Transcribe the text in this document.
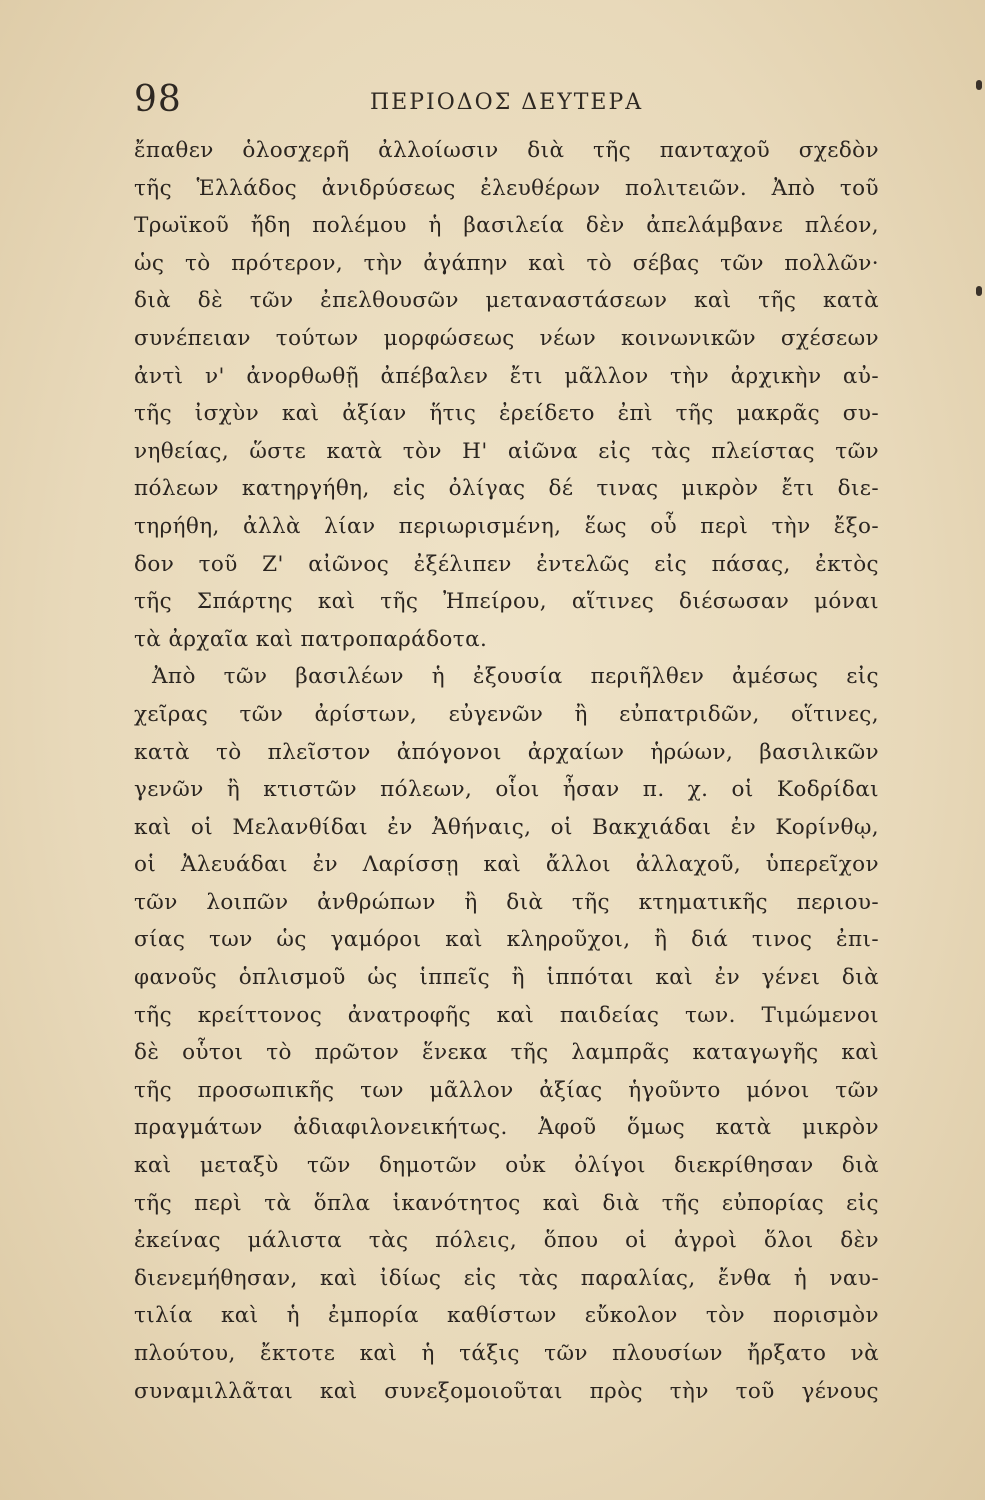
98	ΠΕΡΙΟΔΟΣ ΔΕΥΤΕΡΑ
ἔπαθεν ὁλοσχερῆ ἀλλοίωσιν διὰ τῆς πανταχοῦ σχεδὸν
τῆς Ἑλλάδος ἀνιδρύσεως ἐλευθέρων πολιτειῶν. Ἀπὸ τοῦ
Τρωϊκοῦ ἤδη πολέμου ἡ βασιλεία δὲν ἀπελάμβανε πλέον,
ὡς τὸ πρότερον, τὴν ἀγάπην καὶ τὸ σέβας τῶν πολλῶν·
διὰ δὲ τῶν ἐπελθουσῶν μεταναστάσεων καὶ τῆς κατὰ
συνέπειαν τούτων μορφώσεως νέων κοινωνικῶν σχέσεων
ἀντὶ ν' ἀνορθωθῇ ἀπέβαλεν ἔτι μᾶλλον τὴν ἀρχικὴν αὐ-
τῆς ἰσχὺν καὶ ἀξίαν ἥτις ἐρείδετο ἐπὶ τῆς μακρᾶς συ-
νηθείας, ὥστε κατὰ τὸν Η' αἰῶνα εἰς τὰς πλείστας τῶν
πόλεων κατηργήθη, εἰς ὀλίγας δέ τινας μικρὸν ἔτι διε-
τηρήθη, ἀλλὰ λίαν περιωρισμένη, ἕως οὗ περὶ τὴν ἔξο-
δον τοῦ Ζ' αἰῶνος ἐξέλιπεν ἐντελῶς εἰς πάσας, ἐκτὸς
τῆς Σπάρτης καὶ τῆς Ἠπείρου, αἵτινες διέσωσαν μόναι
τὰ ἀρχαῖα καὶ πατροπαράδοτα.
Ἀπὸ τῶν βασιλέων ἡ ἐξουσία περιῆλθεν ἀμέσως εἰς
χεῖρας τῶν ἀρίστων, εὐγενῶν ἢ εὐπατριδῶν, οἵτινες,
κατὰ τὸ πλεῖστον ἀπόγονοι ἀρχαίων ἡρώων, βασιλικῶν
γενῶν ἢ κτιστῶν πόλεων, οἷοι ἦσαν π. χ. οἱ Κοδρίδαι
καὶ οἱ Μελανθίδαι ἐν Ἀθήναις, οἱ Βακχιάδαι ἐν Κορίνθῳ,
οἱ Ἀλευάδαι ἐν Λαρίσσῃ καὶ ἄλλοι ἀλλαχοῦ, ὑπερεῖχον
τῶν λοιπῶν ἀνθρώπων ἢ διὰ τῆς κτηματικῆς περιου-
σίας των ὡς γαμόροι καὶ κληροῦχοι, ἢ διά τινος ἐπι-
φανοῦς ὁπλισμοῦ ὡς ἱππεῖς ἢ ἱππόται καὶ ἐν γένει διὰ
τῆς κρείττονος ἀνατροφῆς καὶ παιδείας των. Τιμώμενοι
δὲ οὗτοι τὸ πρῶτον ἕνεκα τῆς λαμπρᾶς καταγωγῆς καὶ
τῆς προσωπικῆς των μᾶλλον ἀξίας ἡγοῦντο μόνοι τῶν
πραγμάτων ἀδιαφιλονεικήτως. Ἀφοῦ ὅμως κατὰ μικρὸν
καὶ μεταξὺ τῶν δημοτῶν οὐκ ὀλίγοι διεκρίθησαν διὰ
τῆς περὶ τὰ ὅπλα ἱκανότητος καὶ διὰ τῆς εὐπορίας εἰς
ἐκείνας μάλιστα τὰς πόλεις, ὅπου οἱ ἀγροὶ ὅλοι δὲν
διενεμήθησαν, καὶ ἰδίως εἰς τὰς παραλίας, ἔνθα ἡ ναυ-
τιλία καὶ ἡ ἐμπορία καθίστων εὔκολον τὸν πορισμὸν
πλούτου, ἔκτοτε καὶ ἡ τάξις τῶν πλουσίων ἤρξατο νὰ
συναμιλλᾶται καὶ συνεξομοιοῦται πρὸς τὴν τοῦ γένους
